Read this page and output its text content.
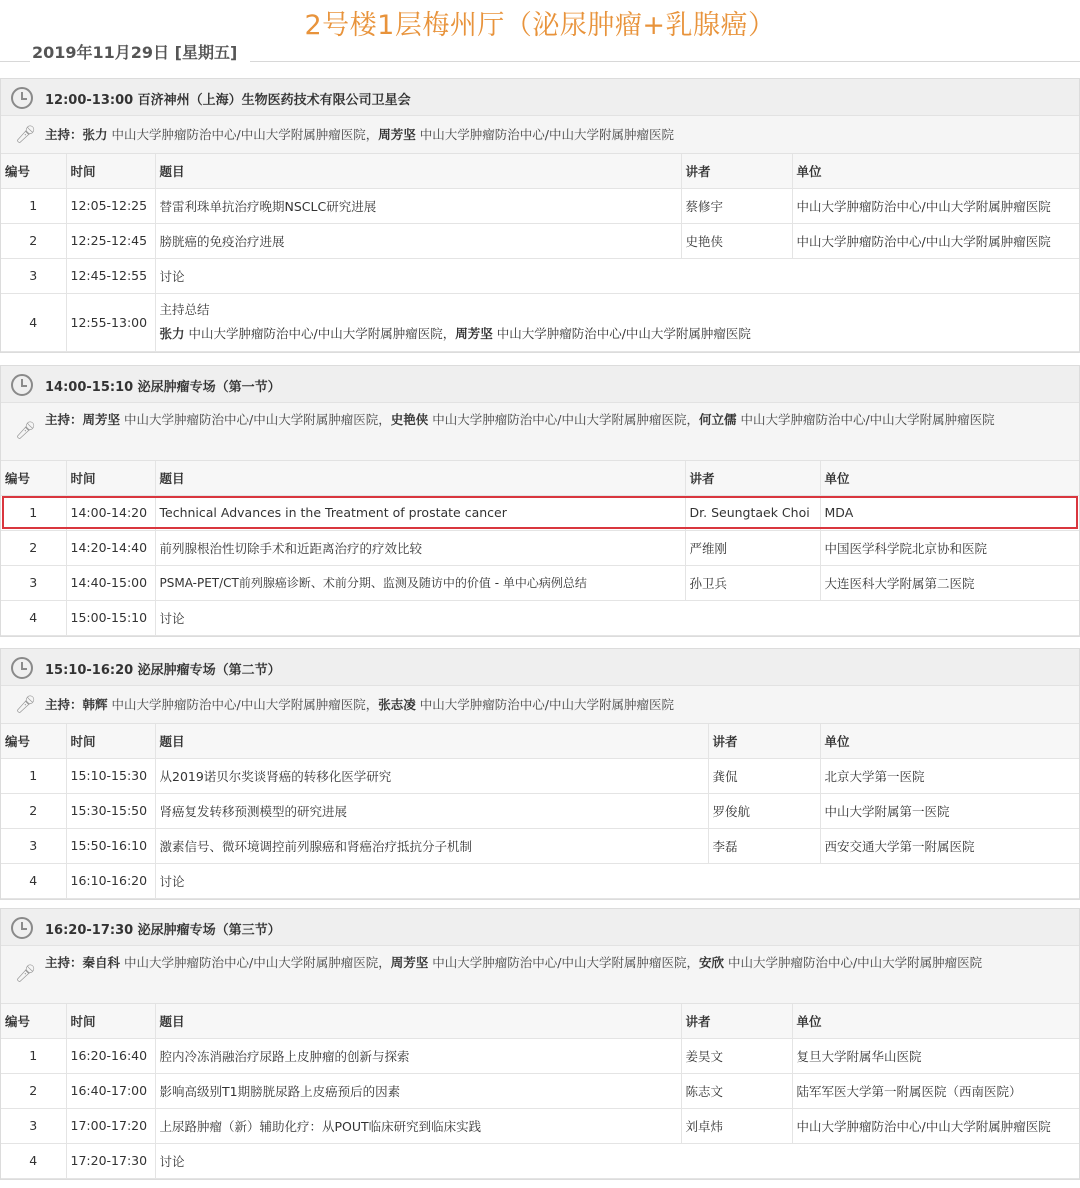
2号楼1层梅州厅（泌尿肿瘤+乳腺癌）
2019年11月29日 [星期五]
12:00-13:00 百济神州（上海）生物医药技术有限公司卫星会
🎤︎ 主持：张力 中山大学肿瘤防治中心/中山大学附属肿瘤医院，周芳坚 中山大学肿瘤防治中心/中山大学附属肿瘤医院
编号	时间	题目	讲者	单位
1	12:05-12:25	替雷利珠单抗治疗晚期NSCLC研究进展	蔡修宇	中山大学肿瘤防治中心/中山大学附属肿瘤医院
2	12:25-12:45	膀胱癌的免疫治疗进展	史艳侠	中山大学肿瘤防治中心/中山大学附属肿瘤医院
3	12:45-12:55	讨论		
4	12:55-13:00	主持总结
张力 中山大学肿瘤防治中心/中山大学附属肿瘤医院，周芳坚 中山大学肿瘤防治中心/中山大学附属肿瘤医院		
14:00-15:10 泌尿肿瘤专场（第一节）
🎤︎
主持：周芳坚 中山大学肿瘤防治中心/中山大学附属肿瘤医院，史艳侠 中山大学肿瘤防治中心/中山大学附属肿瘤医院，何立儒 中山大学肿瘤防治中心/中山大学附属肿瘤医院
编号	时间	题目	讲者	单位
1	14:00-14:20	Technical Advances in the Treatment of prostate cancer	Dr. Seungtaek Choi	MDA
2	14:20-14:40	前列腺根治性切除手术和近距离治疗的疗效比较	严维刚	中国医学科学院北京协和医院
3	14:40-15:00	PSMA-PET/CT前列腺癌诊断、术前分期、监测及随访中的价值 - 单中心病例总结	孙卫兵	大连医科大学附属第二医院
4	15:00-15:10	讨论		
15:10-16:20 泌尿肿瘤专场（第二节）
🎤︎ 主持：韩辉 中山大学肿瘤防治中心/中山大学附属肿瘤医院，张志凌 中山大学肿瘤防治中心/中山大学附属肿瘤医院
编号	时间	题目	讲者	单位
1	15:10-15:30	从2019诺贝尔奖谈肾癌的转移化医学研究	龚侃	北京大学第一医院
2	15:30-15:50	肾癌复发转移预测模型的研究进展	罗俊航	中山大学附属第一医院
3	15:50-16:10	激素信号、微环境调控前列腺癌和肾癌治疗抵抗分子机制	李磊	西安交通大学第一附属医院
4	16:10-16:20	讨论		
16:20-17:30 泌尿肿瘤专场（第三节）
🎤︎
主持：秦自科 中山大学肿瘤防治中心/中山大学附属肿瘤医院，周芳坚 中山大学肿瘤防治中心/中山大学附属肿瘤医院，安欣 中山大学肿瘤防治中心/中山大学附属肿瘤医院
编号	时间	题目	讲者	单位
1	16:20-16:40	腔内冷冻消融治疗尿路上皮肿瘤的创新与探索	姜昊文	复旦大学附属华山医院
2	16:40-17:00	影响高级别T1期膀胱尿路上皮癌预后的因素	陈志文	陆军军医大学第一附属医院（西南医院）
3	17:00-17:20	上尿路肿瘤（新）辅助化疗：从POUT临床研究到临床实践	刘卓炜	中山大学肿瘤防治中心/中山大学附属肿瘤医院
4	17:20-17:30	讨论		
